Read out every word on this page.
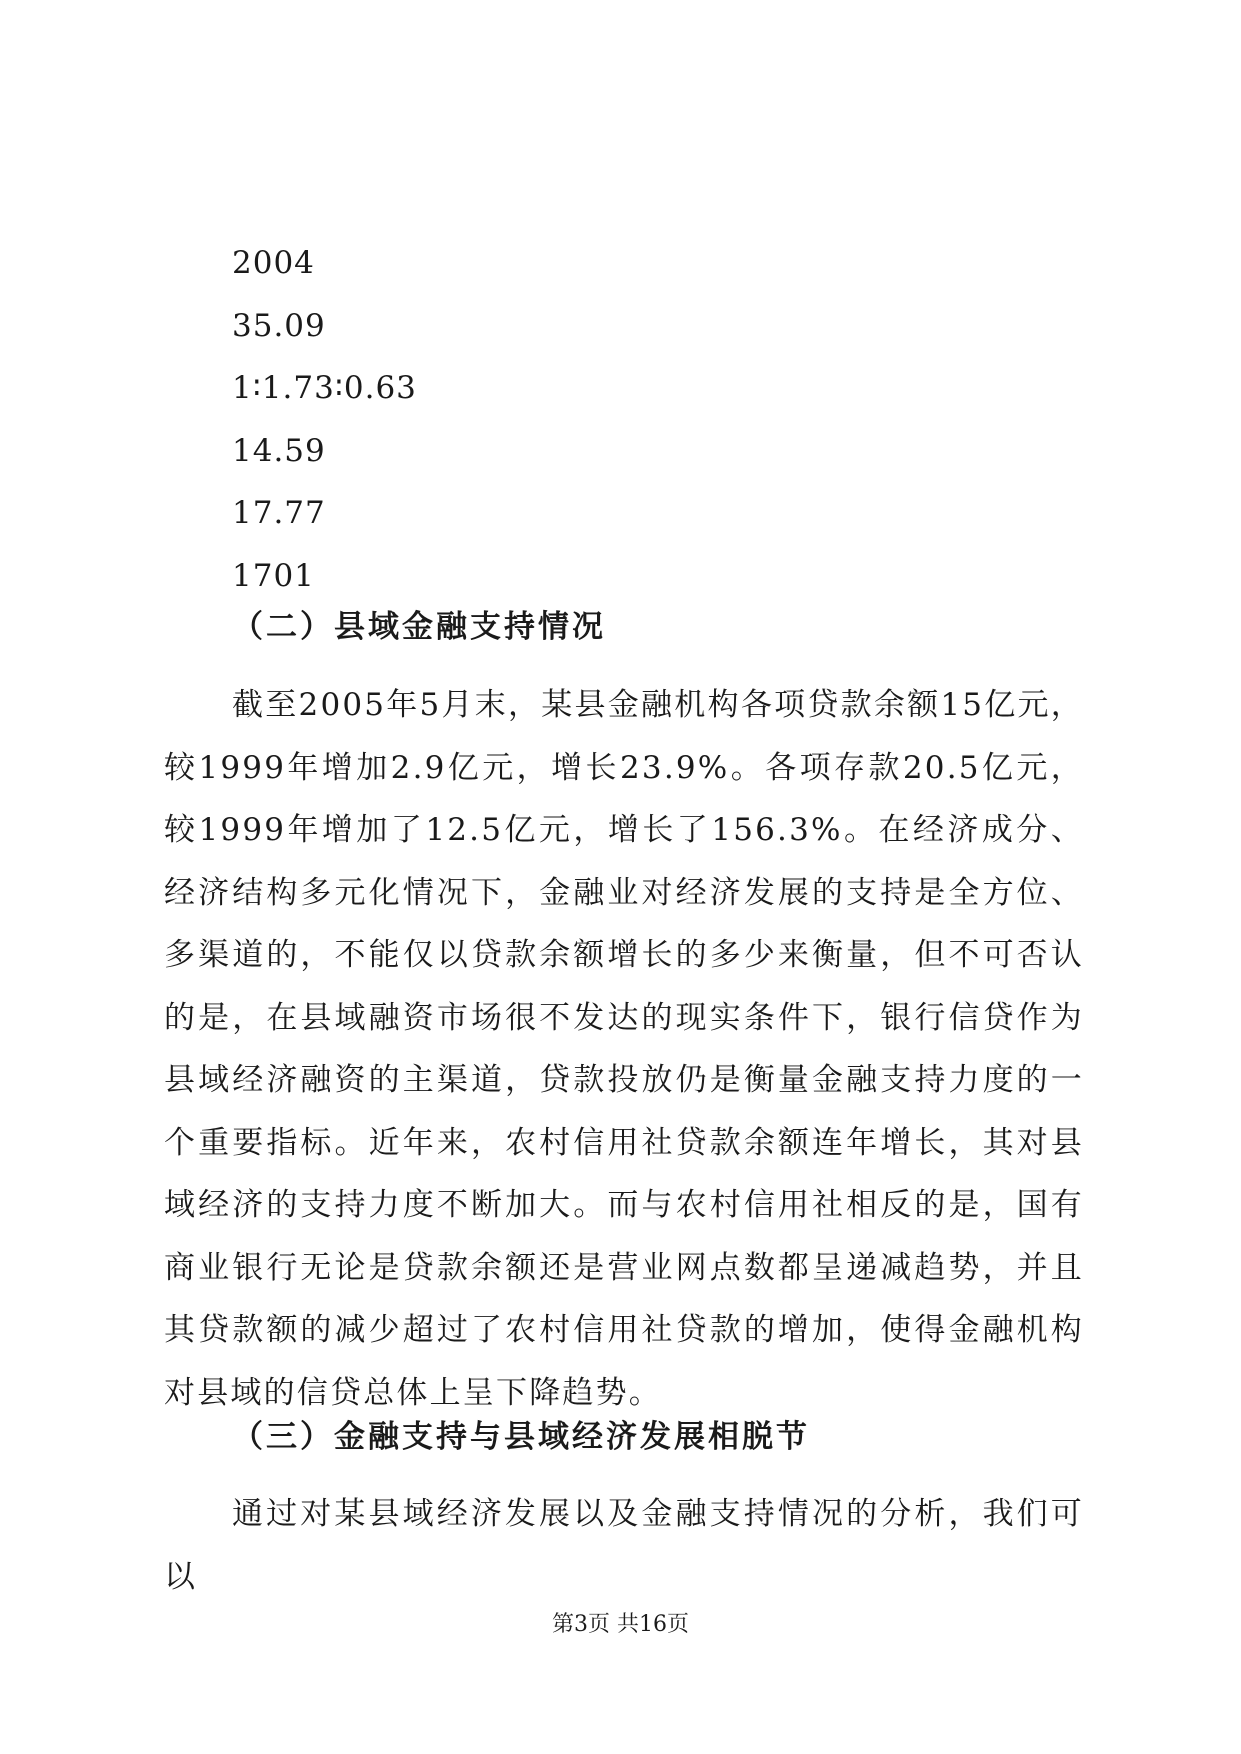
2004
35.09
1∶1.73∶0.63
14.59
17.77
1701
（二）县域金融支持情况

截至2005年5月末，某县金融机构各项贷款余额15亿元，较1999年增加2.9亿元，增长23.9%。各项存款20.5亿元，较1999年增加了12.5亿元，增长了156.3%。在经济成分、经济结构多元化情况下，金融业对经济发展的支持是全方位、多渠道的，不能仅以贷款余额增长的多少来衡量，但不可否认的是，在县域融资市场很不发达的现实条件下，银行信贷作为县域经济融资的主渠道，贷款投放仍是衡量金融支持力度的一个重要指标。近年来，农村信用社贷款余额连年增长，其对县域经济的支持力度不断加大。而与农村信用社相反的是，国有商业银行无论是贷款余额还是营业网点数都呈递减趋势，并且其贷款额的减少超过了农村信用社贷款的增加，使得金融机构对县域的信贷总体上呈下降趋势。

（三）金融支持与县域经济发展相脱节

通过对某县域经济发展以及金融支持情况的分析，我们可以

第3页 共16页
